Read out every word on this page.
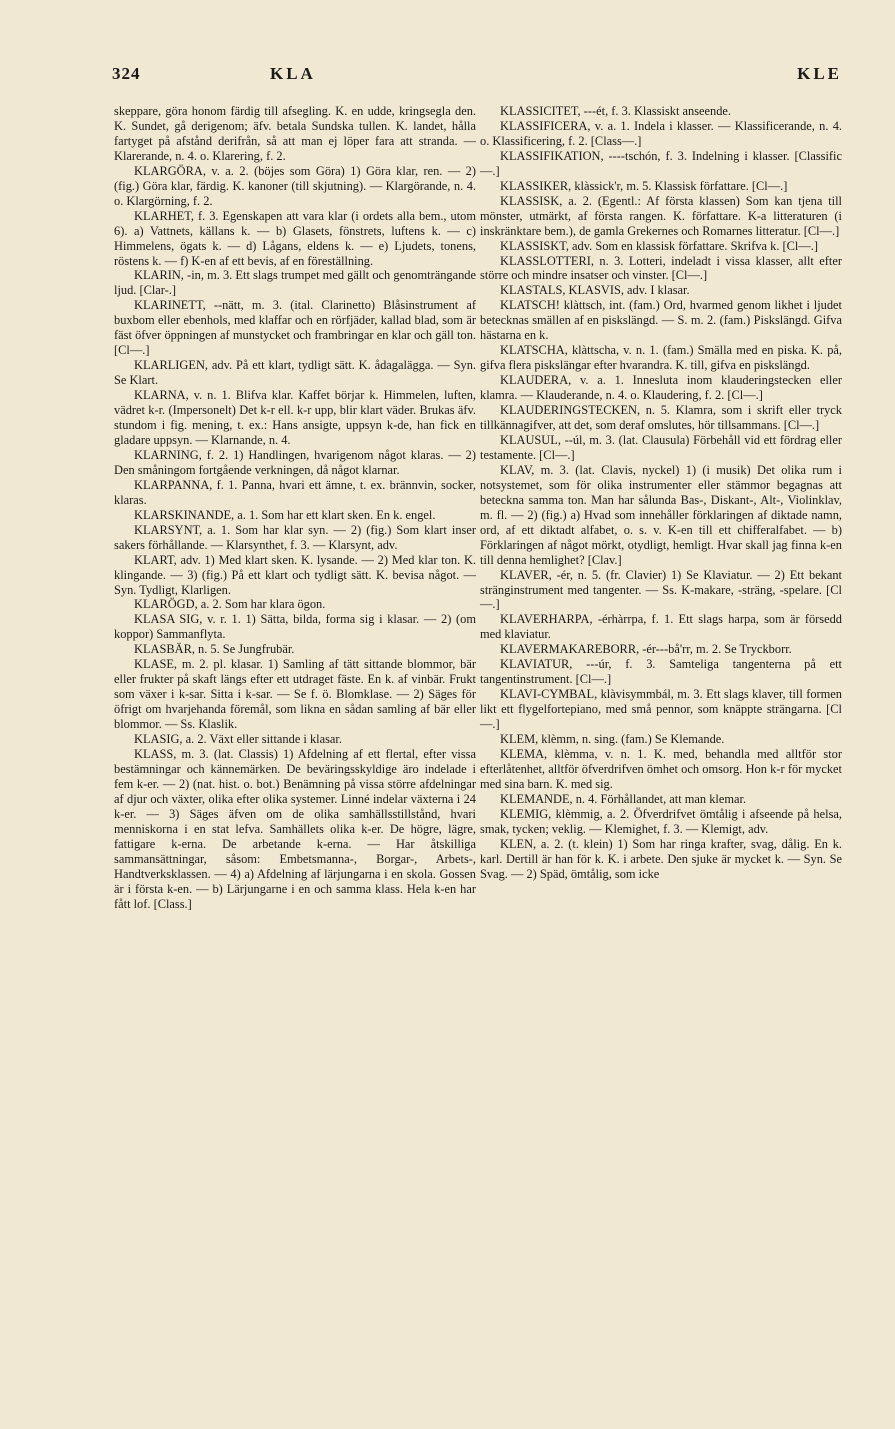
324	KLA	KLE

skeppare, göra honom färdig till afsegling. K. en udde, kringsegla den. K. Sundet, gå derigenom; äfv. betala Sundska tullen. K. landet, hålla fartyget på afstånd derifrån, så att man ej löper fara att stranda. — Klarerande, n. 4. o. Klarering, f. 2.

KLARGÖRA, v. a. 2. (böjes som Göra) 1) Göra klar, ren. — 2) (fig.) Göra klar, färdig. K. kanoner (till skjutning). — Klargörande, n. 4. o. Klargörning, f. 2.

KLARHET, f. 3. Egenskapen att vara klar (i ordets alla bem., utom 6). a) Vattnets, källans k. — b) Glasets, fönstrets, luftens k. — c) Himmelens, ögats k. — d) Lågans, eldens k. — e) Ljudets, tonens, röstens k. — f) K-en af ett bevis, af en föreställning.

KLARIN, -in, m. 3. Ett slags trumpet med gällt och genomträngande ljud. [Clar-.]

KLARINETT, --nätt, m. 3. (ital. Clarinetto) Blåsinstrument af buxbom eller ebenhols, med klaffar och en rörfjäder, kallad blad, som är fäst öfver öppningen af munstycket och frambringar en klar och gäll ton. [Cl—.]

KLARLIGEN, adv. På ett klart, tydligt sätt. K. ådagalägga. — Syn. Se Klart.

KLARNA, v. n. 1. Blifva klar. Kaffet börjar k. Himmelen, luften, vädret k-r. (Impersonelt) Det k-r ell. k-r upp, blir klart väder. Brukas äfv. stundom i fig. mening, t. ex.: Hans ansigte, uppsyn k-de, han fick en gladare uppsyn. — Klarnande, n. 4.

KLARNING, f. 2. 1) Handlingen, hvarigenom något klaras. — 2) Den småningom fortgående verkningen, då något klarnar.

KLARPANNA, f. 1. Panna, hvari ett ämne, t. ex. brännvin, socker, klaras.

KLARSKINANDE, a. 1. Som har ett klart sken. En k. engel.

KLARSYNT, a. 1. Som har klar syn. — 2) (fig.) Som klart inser sakers förhållande. — Klarsynthet, f. 3. — Klarsynt, adv.

KLART, adv. 1) Med klart sken. K. lysande. — 2) Med klar ton. K. klingande. — 3) (fig.) På ett klart och tydligt sätt. K. bevisa något. — Syn. Tydligt, Klarligen.

KLARÖGD, a. 2. Som har klara ögon.

KLASA SIG, v. r. 1. 1) Sätta, bilda, forma sig i klasar. — 2) (om koppor) Sammanflyta.

KLASBÄR, n. 5. Se Jungfrubär.

KLASE, m. 2. pl. klasar. 1) Samling af tätt sittande blommor, bär eller frukter på skaft längs efter ett utdraget fäste. En k. af vinbär. Frukt som växer i k-sar. Sitta i k-sar. — Se f. ö. Blomklase. — 2) Säges för öfrigt om hvarjehanda föremål, som likna en sådan samling af bär eller blommor. — Ss. Klaslik.

KLASIG, a. 2. Växt eller sittande i klasar.

KLASS, m. 3. (lat. Classis) 1) Afdelning af ett flertal, efter vissa bestämningar och kännemärken. De beväringsskyldige äro indelade i fem k-er. — 2) (nat. hist. o. bot.) Benämning på vissa större afdelningar af djur och växter, olika efter olika systemer. Linné indelar växterna i 24 k-er. — 3) Säges äfven om de olika samhällsstillstånd, hvari menniskorna i en stat lefva. Samhällets olika k-er. De högre, lägre, fattigare k-erna. De arbetande k-erna. — Har åtskilliga sammansättningar, såsom: Embetsmanna-, Borgar-, Arbets-, Handtverksklassen. — 4) a) Afdelning af lärjungarna i en skola. Gossen är i första k-en. — b) Lärjungarne i en och samma klass. Hela k-en har fått lof. [Class.]

KLASSICITET, ---ét, f. 3. Klassiskt anseende.

KLASSIFICERA, v. a. 1. Indela i klasser. — Klassificerande, n. 4. o. Klassificering, f. 2. [Class—.]

KLASSIFIKATION, ----tschón, f. 3. Indelning i klasser. [Classific—.]

KLASSIKER, klàssick'r, m. 5. Klassisk författare. [Cl—.]

KLASSISK, a. 2. (Egentl.: Af första klassen) Som kan tjena till mönster, utmärkt, af första rangen. K. författare. K-a litteraturen (i inskränktare bem.), de gamla Grekernes och Romarnes litteratur. [Cl—.]

KLASSISKT, adv. Som en klassisk författare. Skrifva k. [Cl—.]

KLASSLOTTERI, n. 3. Lotteri, indeladt i vissa klasser, allt efter större och mindre insatser och vinster. [Cl—.]

KLASTALS, KLASVIS, adv. I klasar.

KLATSCH! klàttsch, int. (fam.) Ord, hvarmed genom likhet i ljudet betecknas smällen af en piskslängd. — S. m. 2. (fam.) Piskslängd. Gifva hästarna en k.

KLATSCHA, klàttscha, v. n. 1. (fam.) Smälla med en piska. K. på, gifva flera piskslängar efter hvarandra. K. till, gifva en piskslängd.

KLAUDERA, v. a. 1. Innesluta inom klauderingstecken eller klamra. — Klauderande, n. 4. o. Klaudering, f. 2. [Cl—.]

KLAUDERINGSTECKEN, n. 5. Klamra, som i skrift eller tryck tillkännagifver, att det, som deraf omslutes, hör tillsammans. [Cl—.]

KLAUSUL, --úl, m. 3. (lat. Clausula) Förbehåll vid ett fördrag eller testamente. [Cl—.]

KLAV, m. 3. (lat. Clavis, nyckel) 1) (i musik) Det olika rum i notsystemet, som för olika instrumenter eller stämmor begagnas att beteckna samma ton. Man har sålunda Bas-, Diskant-, Alt-, Violinklav, m. fl. — 2) (fig.) a) Hvad som innehåller förklaringen af diktade namn, ord, af ett diktadt alfabet, o. s. v. K-en till ett chifferalfabet. — b) Förklaringen af något mörkt, otydligt, hemligt. Hvar skall jag finna k-en till denna hemlighet? [Clav.]

KLAVER, -ér, n. 5. (fr. Clavier) 1) Se Klaviatur. — 2) Ett bekant stränginstrument med tangenter. — Ss. K-makare, -sträng, -spelare. [Cl—.]

KLAVERHARPA, -érhàrrpa, f. 1. Ett slags harpa, som är försedd med klaviatur.

KLAVERMAKAREBORR, -ér---bå'rr, m. 2. Se Tryckborr.

KLAVIATUR, ---úr, f. 3. Samteliga tangenterna på ett tangentinstrument. [Cl—.]

KLAVI-CYMBAL, klàvisymmbál, m. 3. Ett slags klaver, till formen likt ett flygelfortepiano, med små pennor, som knäppte strängarna. [Cl—.]

KLEM, klèmm, n. sing. (fam.) Se Klemande.

KLEMA, klèmma, v. n. 1. K. med, behandla med alltför stor efterlåtenhet, alltför öfverdrifven ömhet och omsorg. Hon k-r för mycket med sina barn. K. med sig.

KLEMANDE, n. 4. Förhållandet, att man klemar.

KLEMIG, klèmmig, a. 2. Öfverdrifvet ömtålig i afseende på helsa, smak, tycken; veklig. — Klemighet, f. 3. — Klemigt, adv.

KLEN, a. 2. (t. klein) 1) Som har ringa krafter, svag, dålig. En k. karl. Dertill är han för k. K. i arbete. Den sjuke är mycket k. — Syn. Se Svag. — 2) Späd, ömtålig, som icke
